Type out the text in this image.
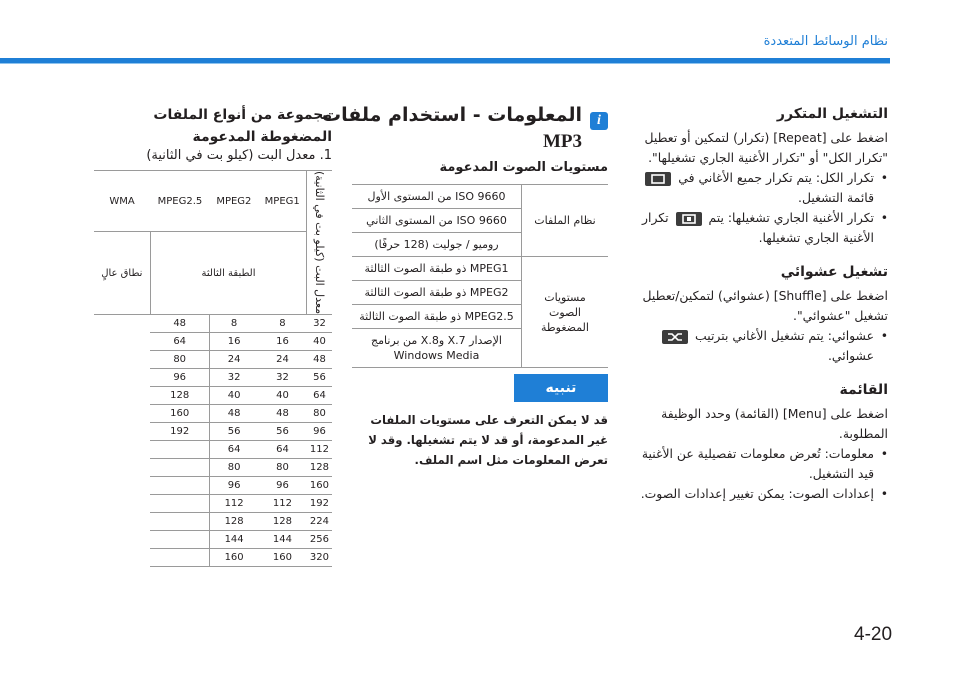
نظام الوسائط المتعددة
التشغيل المتكرر

اضغط على [Repeat] (تكرار) لتمكين أو تعطيل "تكرار الكل" أو "تكرار الأغنية الجاري تشغيلها".

• تكرار الكل: يتم تكرار جميع الأغاني في
قائمة التشغيل.
• تكرار الأغنية الجاري تشغيلها: يتم
تكرار الأغنية الجاري تشغيلها.
تشغيل عشوائي

اضغط على [Shuffle] (عشوائي) لتمكين/تعطيل تشغيل "عشوائي".

• عشوائي: يتم تشغيل الأغاني بترتيب
عشوائي.
القائمة

اضغط على [Menu] (القائمة) وحدد الوظيفة المطلوبة.

• معلومات: تُعرض معلومات تفصيلية عن الأغنية قيد التشغيل.
• إعدادات الصوت: يمكن تغيير إعدادات الصوت.
i
المعلومات - استخدام ملفات
MP3
مستويات الصوت المدعومة
نظام الملفات	ISO 9660 من المستوى الأول
	ISO 9660 من المستوى الثاني
	روميو / جوليت (128 حرفًا)
مستويات الصوت المضغوطة	MPEG1 ذو طبقة الصوت الثالثة
	MPEG2 ذو طبقة الصوت الثالثة
	MPEG2.5 ذو طبقة الصوت الثالثة
	الإصدار X.7 وX.8 من برنامج Windows Media
تنبيه
قد لا يمكن التعرف على مستويات الملفات غير المدعومة، أو قد لا يتم تشغيلها. وقد لا تعرض المعلومات مثل اسم الملف.
مجموعة من أنواع الملفات المضغوطة المدعومة
1. معدل البت (كيلو بت في الثانية)
معدل البت (كيلو بت في الثانية)	MPEG1	MPEG2	MPEG2.5	WMA
	الطبقة الثالثة			نطاق عالٍ
32	8	8	48	
40	16	16	64	
48	24	24	80	
56	32	32	96	
64	40	40	128	
80	48	48	160	
96	56	56	192	
112	64	64		
128	80	80		
160	96	96		
192	112	112		
224	128	128		
256	144	144		
320	160	160		
4-20
